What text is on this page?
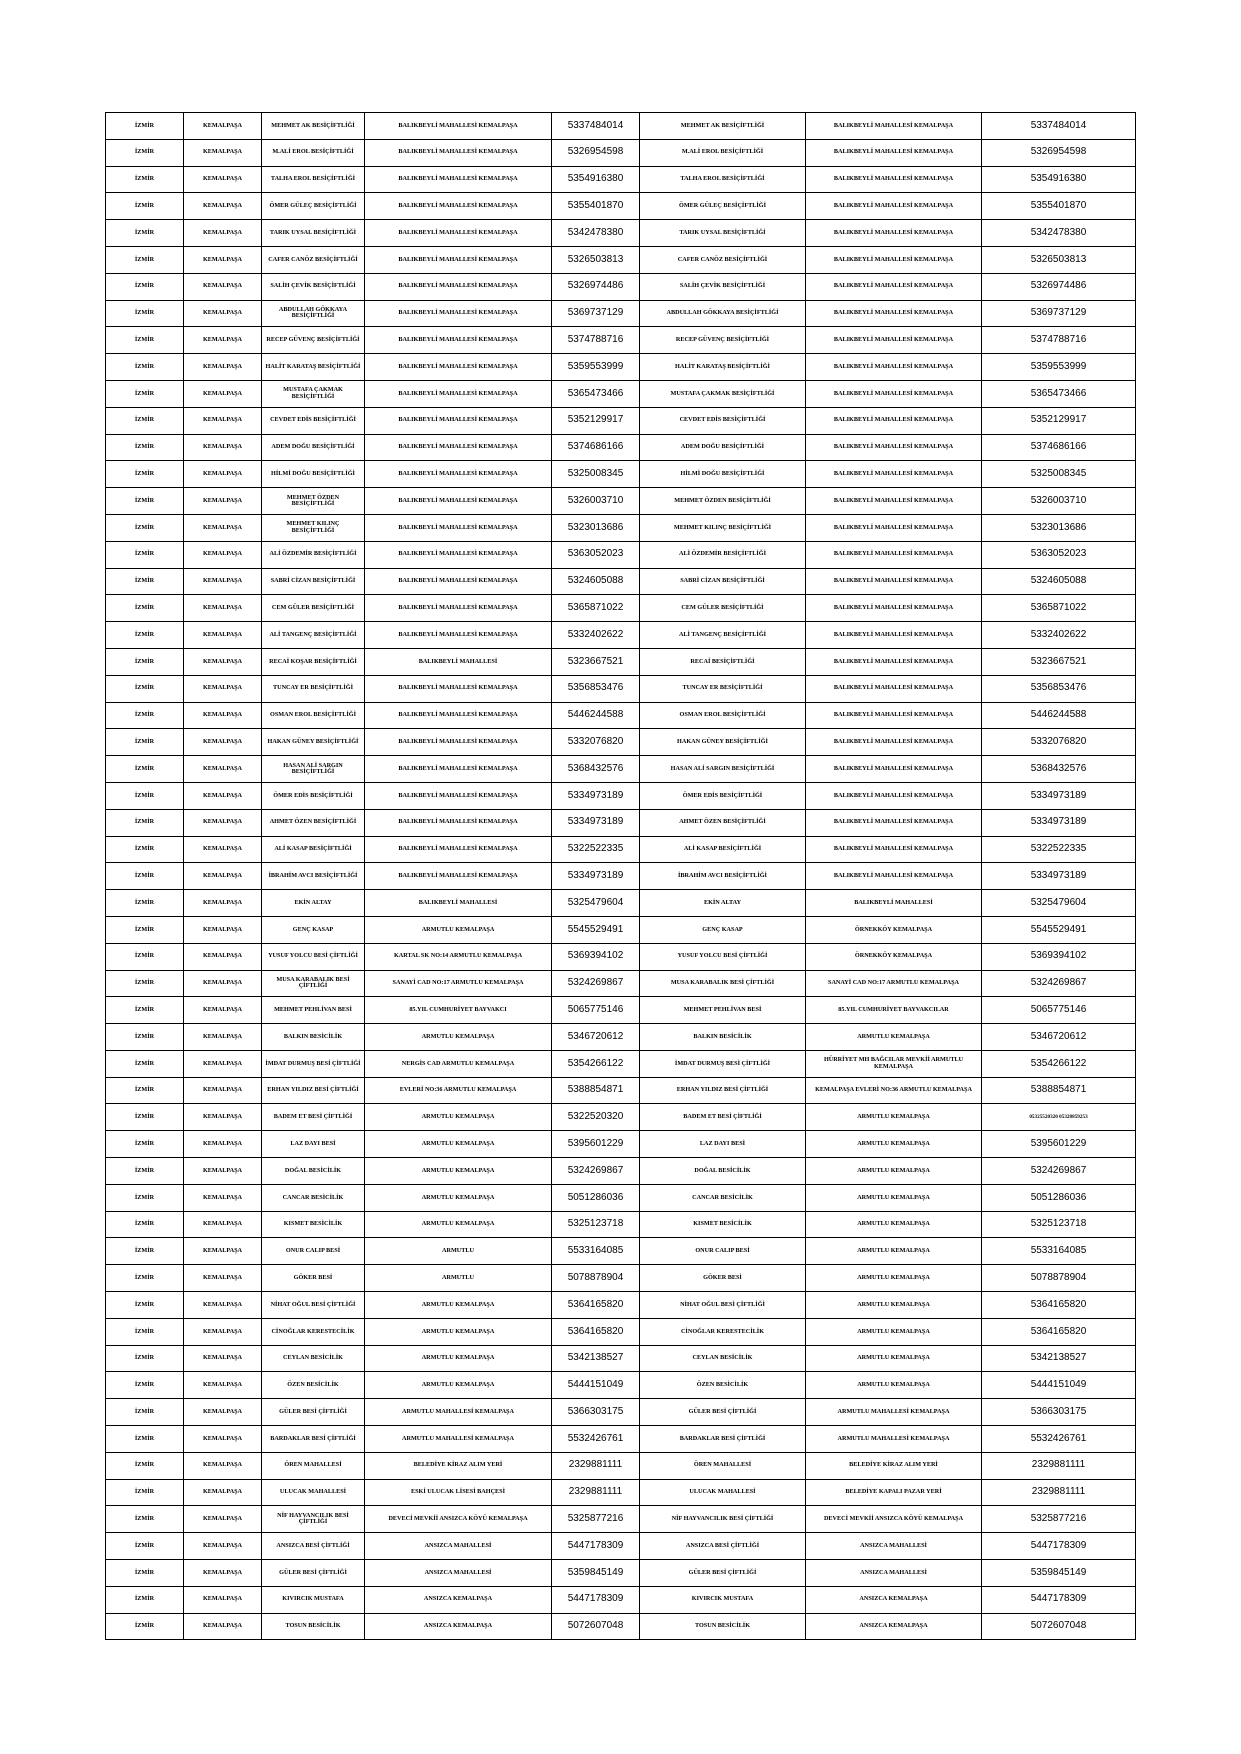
İZMİR	KEMALPAŞA	MEHMET AK BESİÇİFTLİĞİ	BALIKBEYLİ MAHALLESİ KEMALPAŞA	5337484014	MEHMET AK BESİÇİFTLİĞİ	BALIKBEYLİ MAHALLESİ KEMALPAŞA	5337484014
İZMİR	KEMALPAŞA	M.ALİ EROL BESİÇİFTLİĞİ	BALIKBEYLİ MAHALLESİ KEMALPAŞA	5326954598	M.ALİ EROL BESİÇİFTLİĞİ	BALIKBEYLİ MAHALLESİ KEMALPAŞA	5326954598
İZMİR	KEMALPAŞA	TALHA EROL BESİÇİFTLİĞİ	BALIKBEYLİ MAHALLESİ KEMALPAŞA	5354916380	TALHA EROL BESİÇİFTLİĞİ	BALIKBEYLİ MAHALLESİ KEMALPAŞA	5354916380
İZMİR	KEMALPAŞA	ÖMER GÜLEÇ BESİÇİFTLİĞİ	BALIKBEYLİ MAHALLESİ KEMALPAŞA	5355401870	ÖMER GÜLEÇ BESİÇİFTLİĞİ	BALIKBEYLİ MAHALLESİ KEMALPAŞA	5355401870
İZMİR	KEMALPAŞA	TARIK UYSAL BESİÇİFTLİĞİ	BALIKBEYLİ MAHALLESİ KEMALPAŞA	5342478380	TARIK UYSAL BESİÇİFTLİĞİ	BALIKBEYLİ MAHALLESİ KEMALPAŞA	5342478380
İZMİR	KEMALPAŞA	CAFER CANÖZ BESİÇİFTLİĞİ	BALIKBEYLİ MAHALLESİ KEMALPAŞA	5326503813	CAFER CANÖZ BESİÇİFTLİĞİ	BALIKBEYLİ MAHALLESİ KEMALPAŞA	5326503813
İZMİR	KEMALPAŞA	SALİH ÇEVİK BESİÇİFTLİĞİ	BALIKBEYLİ MAHALLESİ KEMALPAŞA	5326974486	SALİH ÇEVİK BESİÇİFTLİĞİ	BALIKBEYLİ MAHALLESİ KEMALPAŞA	5326974486
İZMİR	KEMALPAŞA	ABDULLAH GÖKKAYA BESİÇİFTLİĞİ	BALIKBEYLİ MAHALLESİ KEMALPAŞA	5369737129	ABDULLAH GÖKKAYA BESİÇİFTLİĞİ	BALIKBEYLİ MAHALLESİ KEMALPAŞA	5369737129
İZMİR	KEMALPAŞA	RECEP GÜVENÇ BESİÇİFTLİĞİ	BALIKBEYLİ MAHALLESİ KEMALPAŞA	5374788716	RECEP GÜVENÇ BESİÇİFTLİĞİ	BALIKBEYLİ MAHALLESİ KEMALPAŞA	5374788716
İZMİR	KEMALPAŞA	HALİT KARATAŞ BESİÇİFTLİĞİ	BALIKBEYLİ MAHALLESİ KEMALPAŞA	5359553999	HALİT KARATAŞ BESİÇİFTLİĞİ	BALIKBEYLİ MAHALLESİ KEMALPAŞA	5359553999
İZMİR	KEMALPAŞA	MUSTAFA ÇAKMAK BESİÇİFTLİĞİ	BALIKBEYLİ MAHALLESİ KEMALPAŞA	5365473466	MUSTAFA ÇAKMAK BESİÇİFTLİĞİ	BALIKBEYLİ MAHALLESİ KEMALPAŞA	5365473466
İZMİR	KEMALPAŞA	CEVDET EDİS BESİÇİFTLİĞİ	BALIKBEYLİ MAHALLESİ KEMALPAŞA	5352129917	CEVDET EDİS BESİÇİFTLİĞİ	BALIKBEYLİ MAHALLESİ KEMALPAŞA	5352129917
İZMİR	KEMALPAŞA	ADEM DOĞU BESİÇİFTLİĞİ	BALIKBEYLİ MAHALLESİ KEMALPAŞA	5374686166	ADEM DOĞU BESİÇİFTLİĞİ	BALIKBEYLİ MAHALLESİ KEMALPAŞA	5374686166
İZMİR	KEMALPAŞA	HİLMİ DOĞU BESİÇİFTLİĞİ	BALIKBEYLİ MAHALLESİ KEMALPAŞA	5325008345	HİLMİ DOĞU BESİÇİFTLİĞİ	BALIKBEYLİ MAHALLESİ KEMALPAŞA	5325008345
İZMİR	KEMALPAŞA	MEHMET ÖZDEN BESİÇİFTLİĞİ	BALIKBEYLİ MAHALLESİ KEMALPAŞA	5326003710	MEHMET ÖZDEN BESİÇİFTLİĞİ	BALIKBEYLİ MAHALLESİ KEMALPAŞA	5326003710
İZMİR	KEMALPAŞA	MEHMET KILINÇ BESİÇİFTLİĞİ	BALIKBEYLİ MAHALLESİ KEMALPAŞA	5323013686	MEHMET KILINÇ BESİÇİFTLİĞİ	BALIKBEYLİ MAHALLESİ KEMALPAŞA	5323013686
İZMİR	KEMALPAŞA	ALİ ÖZDEMİR BESİÇİFTLİĞİ	BALIKBEYLİ MAHALLESİ KEMALPAŞA	5363052023	ALİ ÖZDEMİR BESİÇİFTLİĞİ	BALIKBEYLİ MAHALLESİ KEMALPAŞA	5363052023
İZMİR	KEMALPAŞA	SABRİ CİZAN BESİÇİFTLİĞİ	BALIKBEYLİ MAHALLESİ KEMALPAŞA	5324605088	SABRİ CİZAN BESİÇİFTLİĞİ	BALIKBEYLİ MAHALLESİ KEMALPAŞA	5324605088
İZMİR	KEMALPAŞA	CEM GÜLER BESİÇİFTLİĞİ	BALIKBEYLİ MAHALLESİ KEMALPAŞA	5365871022	CEM GÜLER BESİÇİFTLİĞİ	BALIKBEYLİ MAHALLESİ KEMALPAŞA	5365871022
İZMİR	KEMALPAŞA	ALİ TANGENÇ BESİÇİFTLİĞİ	BALIKBEYLİ MAHALLESİ KEMALPAŞA	5332402622	ALİ TANGENÇ BESİÇİFTLİĞİ	BALIKBEYLİ MAHALLESİ KEMALPAŞA	5332402622
İZMİR	KEMALPAŞA	RECAİ KOŞAR BESİÇİFTLİĞİ	BALIKBEYLİ MAHALLESİ	5323667521	RECAİ BESİÇİFTLİĞİ	BALIKBEYLİ MAHALLESİ KEMALPAŞA	5323667521
İZMİR	KEMALPAŞA	TUNCAY ER BESİÇİFTLİĞİ	BALIKBEYLİ MAHALLESİ KEMALPAŞA	5356853476	TUNCAY ER BESİÇİFTLİĞİ	BALIKBEYLİ MAHALLESİ KEMALPAŞA	5356853476
İZMİR	KEMALPAŞA	OSMAN EROL BESİÇİFTLİĞİ	BALIKBEYLİ MAHALLESİ KEMALPAŞA	5446244588	OSMAN EROL BESİÇİFTLİĞİ	BALIKBEYLİ MAHALLESİ KEMALPAŞA	5446244588
İZMİR	KEMALPAŞA	HAKAN GÜNEY BESİÇİFTLİĞİ	BALIKBEYLİ MAHALLESİ KEMALPAŞA	5332076820	HAKAN GÜNEY BESİÇİFTLİĞİ	BALIKBEYLİ MAHALLESİ KEMALPAŞA	5332076820
İZMİR	KEMALPAŞA	HASAN ALİ SARGIN BESİÇİFTLİĞİ	BALIKBEYLİ MAHALLESİ KEMALPAŞA	5368432576	HASAN ALİ SARGIN BESİÇİFTLİĞİ	BALIKBEYLİ MAHALLESİ KEMALPAŞA	5368432576
İZMİR	KEMALPAŞA	ÖMER EDİS BESİÇİFTLİĞİ	BALIKBEYLİ MAHALLESİ KEMALPAŞA	5334973189	ÖMER EDİS BESİÇİFTLİĞİ	BALIKBEYLİ MAHALLESİ KEMALPAŞA	5334973189
İZMİR	KEMALPAŞA	AHMET ÖZEN BESİÇİFTLİĞİ	BALIKBEYLİ MAHALLESİ KEMALPAŞA	5334973189	AHMET ÖZEN BESİÇİFTLİĞİ	BALIKBEYLİ MAHALLESİ KEMALPAŞA	5334973189
İZMİR	KEMALPAŞA	ALİ KASAP BESİÇİFTLİĞİ	BALIKBEYLİ MAHALLESİ KEMALPAŞA	5322522335	ALİ KASAP BESİÇİFTLİĞİ	BALIKBEYLİ MAHALLESİ KEMALPAŞA	5322522335
İZMİR	KEMALPAŞA	İBRAHİM AVCI BESİÇİFTLİĞİ	BALIKBEYLİ MAHALLESİ KEMALPAŞA	5334973189	İBRAHİM AVCI BESİÇİFTLİĞİ	BALIKBEYLİ MAHALLESİ KEMALPAŞA	5334973189
İZMİR	KEMALPAŞA	EKİN ALTAY	BALIKBEYLİ MAHALLESİ	5325479604	EKİN ALTAY	BALIKBEYLİ MAHALLESİ	5325479604
İZMİR	KEMALPAŞA	GENÇ KASAP	ARMUTLU KEMALPAŞA	5545529491	GENÇ KASAP	ÖRNEKKÖY KEMALPAŞA	5545529491
İZMİR	KEMALPAŞA	YUSUF YOLCU BESİ ÇİFTLİĞİ	KARTAL SK NO:14 ARMUTLU KEMALPAŞA	5369394102	YUSUF YOLCU BESİ ÇİFTLİĞİ	ÖRNEKKÖY KEMALPAŞA	5369394102
İZMİR	KEMALPAŞA	MUSA KARABALIK BESİ ÇİFTLİĞİ	SANAYİ CAD NO:17 ARMUTLU KEMALPAŞA	5324269867	MUSA KARABALIK BESİ ÇİFTLİĞİ	SANAYİ CAD NO:17 ARMUTLU KEMALPAŞA	5324269867
İZMİR	KEMALPAŞA	MEHMET PEHLİVAN BESİ	85.YIL CUMHURİYET BAYVAKCI	5065775146	MEHMET PEHLİVAN BESİ	85.YIL CUMHURİYET BAYVAKCILAR	5065775146
İZMİR	KEMALPAŞA	BALKIN BESİCİLİK	ARMUTLU KEMALPAŞA	5346720612	BALKIN BESİCİLİK	ARMUTLU KEMALPAŞA	5346720612
İZMİR	KEMALPAŞA	İMDAT DURMUŞ BESİ ÇİFTLİĞİ	NERGİS CAD ARMUTLU KEMALPAŞA	5354266122	İMDAT DURMUŞ BESİ ÇİFTLİĞİ	HÜRRİYET MH BAĞCILAR MEVKİİ ARMUTLU KEMALPAŞA	5354266122
İZMİR	KEMALPAŞA	ERHAN YILDIZ BESİ ÇİFTLİĞİ	EVLERİ NO:36 ARMUTLU KEMALPAŞA	5388854871	ERHAN YILDIZ BESİ ÇİFTLİĞİ	KEMALPAŞA EVLERİ NO:36 ARMUTLU KEMALPAŞA	5388854871
İZMİR	KEMALPAŞA	BADEM ET BESİ ÇİFTLİĞİ	ARMUTLU KEMALPAŞA	5322520320	BADEM ET BESİ ÇİFTLİĞİ	ARMUTLU KEMALPAŞA	05325520320 05328859253
İZMİR	KEMALPAŞA	LAZ DAYI BESİ	ARMUTLU KEMALPAŞA	5395601229	LAZ DAYI BESİ	ARMUTLU KEMALPAŞA	5395601229
İZMİR	KEMALPAŞA	DOĞAL BESİCİLİK	ARMUTLU KEMALPAŞA	5324269867	DOĞAL BESİCİLİK	ARMUTLU KEMALPAŞA	5324269867
İZMİR	KEMALPAŞA	CANCAR BESİCİLİK	ARMUTLU KEMALPAŞA	5051286036	CANCAR BESİCİLİK	ARMUTLU KEMALPAŞA	5051286036
İZMİR	KEMALPAŞA	KISMET BESİCİLİK	ARMUTLU KEMALPAŞA	5325123718	KISMET BESİCİLİK	ARMUTLU KEMALPAŞA	5325123718
İZMİR	KEMALPAŞA	ONUR CALIP BESİ	ARMUTLU	5533164085	ONUR CALIP BESİ	ARMUTLU KEMALPAŞA	5533164085
İZMİR	KEMALPAŞA	GÖKER BESİ	ARMUTLU	5078878904	GÖKER BESİ	ARMUTLU KEMALPAŞA	5078878904
İZMİR	KEMALPAŞA	NİHAT OĞUL BESİ ÇİFTLİĞİ	ARMUTLU KEMALPAŞA	5364165820	NİHAT OĞUL BESİ ÇİFTLİĞİ	ARMUTLU KEMALPAŞA	5364165820
İZMİR	KEMALPAŞA	CİNOĞLAR KERESTECİLİK	ARMUTLU KEMALPAŞA	5364165820	CİNOĞLAR KERESTECİLİK	ARMUTLU KEMALPAŞA	5364165820
İZMİR	KEMALPAŞA	CEYLAN BESİCİLİK	ARMUTLU KEMALPAŞA	5342138527	CEYLAN BESİCİLİK	ARMUTLU KEMALPAŞA	5342138527
İZMİR	KEMALPAŞA	ÖZEN BESİCİLİK	ARMUTLU KEMALPAŞA	5444151049	ÖZEN BESİCİLİK	ARMUTLU KEMALPAŞA	5444151049
İZMİR	KEMALPAŞA	GÜLER BESİ ÇİFTLİĞİ	ARMUTLU MAHALLESİ KEMALPAŞA	5366303175	GÜLER BESİ ÇİFTLİĞİ	ARMUTLU MAHALLESİ KEMALPAŞA	5366303175
İZMİR	KEMALPAŞA	BARDAKLAR BESİ ÇİFTLİĞİ	ARMUTLU MAHALLESİ KEMALPAŞA	5532426761	BARDAKLAR BESİ ÇİFTLİĞİ	ARMUTLU MAHALLESİ KEMALPAŞA	5532426761
İZMİR	KEMALPAŞA	ÖREN MAHALLESİ	BELEDİYE KİRAZ ALIM YERİ	2329881111	ÖREN MAHALLESİ	BELEDİYE KİRAZ ALIM YERİ	2329881111
İZMİR	KEMALPAŞA	ULUCAK MAHALLESİ	ESKİ ULUCAK LİSESİ BAHÇESİ	2329881111	ULUCAK MAHALLESİ	BELEDİYE KAPALI PAZAR YERİ	2329881111
İZMİR	KEMALPAŞA	NİF HAYVANCILIK BESİ ÇİFTLİĞİ	DEVECİ MEVKİİ ANSIZCA KÖYÜ KEMALPAŞA	5325877216	NİF HAYVANCILIK BESİ ÇİFTLİĞİ	DEVECİ MEVKİİ ANSIZCA KÖYÜ KEMALPAŞA	5325877216
İZMİR	KEMALPAŞA	ANSIZCA BESİ ÇİFTLİĞİ	ANSIZCA MAHALLESİ	5447178309	ANSIZCA BESİ ÇİFTLİĞİ	ANSIZCA MAHALLESİ	5447178309
İZMİR	KEMALPAŞA	GÜLER BESİ ÇİFTLİĞİ	ANSIZCA MAHALLESİ	5359845149	GÜLER BESİ ÇİFTLİĞİ	ANSIZCA MAHALLESİ	5359845149
İZMİR	KEMALPAŞA	KIVIRCIK MUSTAFA	ANSIZCA KEMALPAŞA	5447178309	KIVIRCIK MUSTAFA	ANSIZCA KEMALPAŞA	5447178309
İZMİR	KEMALPAŞA	TOSUN BESİCİLİK	ANSIZCA KEMALPAŞA	5072607048	TOSUN BESİCİLİK	ANSIZCA KEMALPAŞA	5072607048
